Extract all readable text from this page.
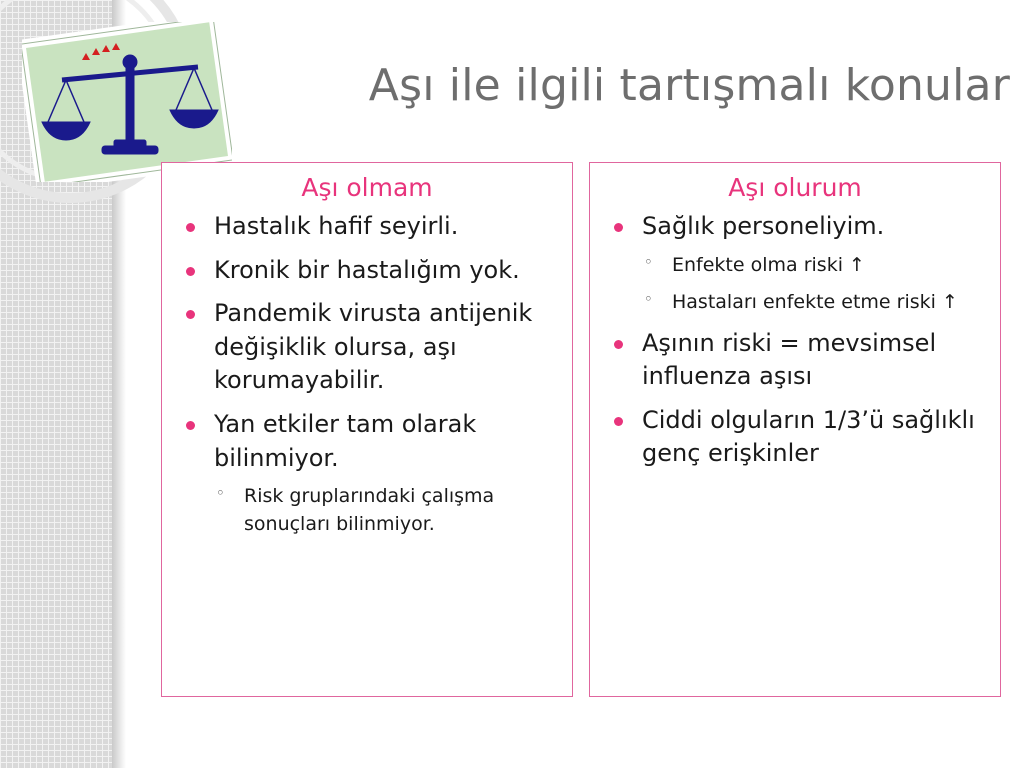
Aşı ile ilgili tartışmalı konular
Aşı olmam
Hastalık hafif seyirli.
Kronik bir hastalığım yok.
Pandemik virusta antijenik değişiklik olursa, aşı korumayabilir.
Yan etkiler tam olarak bilinmiyor.
◦ Risk gruplarındaki çalışma sonuçları bilinmiyor.
Aşı olurum
Sağlık personeliyim.
◦ Enfekte olma riski ↑
◦ Hastaları enfekte etme riski ↑
Aşının riski = mevsimsel influenza aşısı
Ciddi olguların 1/3’ü sağlıklı genç erişkinler
